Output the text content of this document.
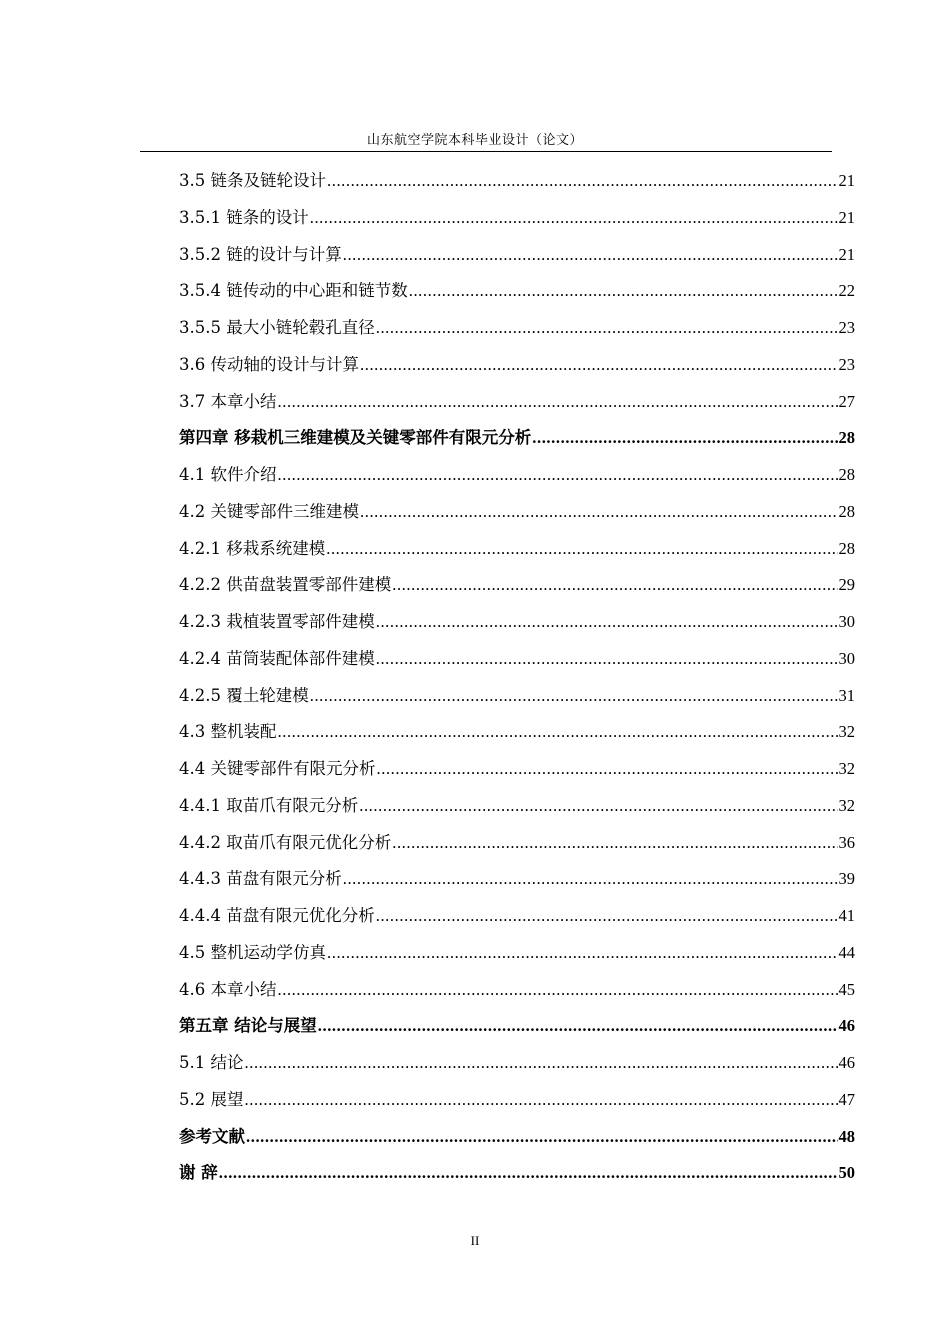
山东航空学院本科毕业设计（论文）
3.5 链条及链轮设计 .....	21
3.5.1 链条的设计 .....	21
3.5.2 链的设计与计算 .....	21
3.5.4 链传动的中心距和链节数 .....	22
3.5.5 最大小链轮毂孔直径 .....	23
3.6 传动轴的设计与计算 .....	23
3.7 本章小结 .....	27
第四章 移栽机三维建模及关键零部件有限元分析 .....	28
4.1 软件介绍 .....	28
4.2 关键零部件三维建模 .....	28
4.2.1 移栽系统建模 .....	28
4.2.2 供苗盘装置零部件建模 .....	29
4.2.3 栽植装置零部件建模 .....	30
4.2.4 苗筒装配体部件建模 .....	30
4.2.5 覆土轮建模 .....	31
4.3 整机装配 .....	32
4.4 关键零部件有限元分析 .....	32
4.4.1 取苗爪有限元分析 .....	32
4.4.2 取苗爪有限元优化分析 .....	36
4.4.3 苗盘有限元分析 .....	39
4.4.4 苗盘有限元优化分析 .....	41
4.5 整机运动学仿真 .....	44
4.6 本章小结 .....	45
第五章 结论与展望 .....	46
5.1 结论 .....	46
5.2 展望 .....	47
参考文献 .....	48
谢 辞 .....	50
II
